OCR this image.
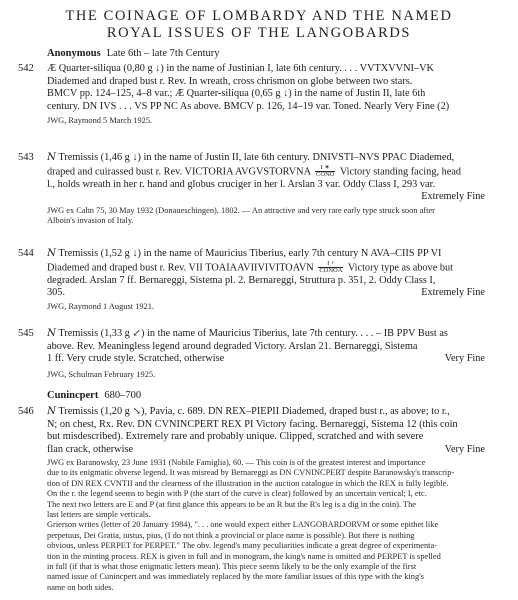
THE COINAGE OF LOMBARDY AND THE NAMED
ROYAL ISSUES OF THE LANGOBARDS
Anonymous Late 6th – late 7th Century
542 Æ Quarter-siliqua (0,80 g ↓) in the name of Justinian I, late 6th century. . . . VVTXVVNI–VK
Diademed and draped bust r. Rev. In wreath, cross chrismon on globe between two stars.
BMCV pp. 124–125, 4–8 var.; Æ Quarter-siliqua (0,65 g ↓) in the name of Justin II, late 6th
century. DN IVS . . . VS PP NC As above. BMCV p. 126, 14–19 var. Toned. Nearly Very Fine (2)
JWG, Raymond 5 March 1925.
543 𝑁 Tremissis (1,46 g ↓) in the name of Justin II, late 6th century. DNIVSTI–NVS PPAC Diademed,
draped and cuirassed bust r. Rev. VICTORIA AVGVSTORVNA $\frac{I ✶}{\text{CONO}}$ Victory standing facing, head
l., holds wreath in her r. hand and globus cruciger in her l. Arslan 3 var. Oddy Class I, 293 var.
Extremely Fine
JWG ex Cahn 75, 30 May 1932 (Donaueschingen), 1802. — An attractive and very rare early type struck soon after
Alboin's invasion of Italy.
544 𝑁 Tremissis (1,52 g ↓) in the name of Mauricius Tiberius, early 7th century N AVA–CIIS PP VI
Diademed and draped bust r. Rev. VII TOAIAAVIIVIVITOAVN $\frac{I +}{\text{CONOA}}$ Victory type as above but
degraded. Arslan 7 ff. Bernareggi, Sistema pl. 2. Bernareggi, Struttura p. 351, 2. Oddy Class I,
305.	Extremely Fine
JWG, Raymond 1 August 1921.
545 𝑁 Tremissis (1,33 g ↙) in the name of Mauricius Tiberius, late 7th century. . . . – IB PPV Bust as
above. Rev. Meaningless legend around degraded Victory. Arslan 21. Bernareggi, Sistema
1 ff. Very crude style. Scratched, otherwise	Very Fine
JWG, Schulman February 1925.
Cunincpert 680–700
546 𝑁 Tremissis (1,20 g ↘), Pavia, c. 689. DN REX–PIEPII Diademed, draped bust r., as above; to r.,
N; on chest, Rx. Rev. DN CVNINCPERT REX PI Victory facing. Bernareggi, Sistema 12 (this coin
but misdescribed). Extremely rare and probably unique. Clipped, scratched and with severe
flan crack, otherwise	Very Fine
JWG ex Baranowsky, 23 June 1931 (Nobile Famiglia), 60. — This coin is of the greatest interest and importance
due to its enigmatic obverse legend. It was misread by Bernareggi as DN CVNINCPERT despite Baranowsky's transcrip-
tion of DN REX CVNTII and the clearness of the illustration in the auction catalogue in which the REX is fully legible.
On the r. the legend seems to begin with P (the start of the curve is clear) followed by an uncertain vertical; I, etc.
The next two letters are E and P (at first glance this appears to be an R but the R's leg is a dig in the coin). The
last letters are simple verticals.
Grierson writes (letter of 20 January 1984), ". . . one would expect either LANGOBARDORVM or some epithet like
perpetuus, Dei Gratia, iustus, pius, (I do not think a provincial or place name is possible). But there is nothing
obvious, unless PERPET for PERPET." The obv. legend's many peculiarities indicate a great degree of experimenta-
tion in the minting process. REX is given in full and in monogram, the king's name is omitted and PERPET is spelled
in full (if that is what those enigmatic letters mean). This piece seems likely to be the only example of the first
named issue of Cunincpert and was immediately replaced by the more familiar issues of this type with the king's
name on both sides.
